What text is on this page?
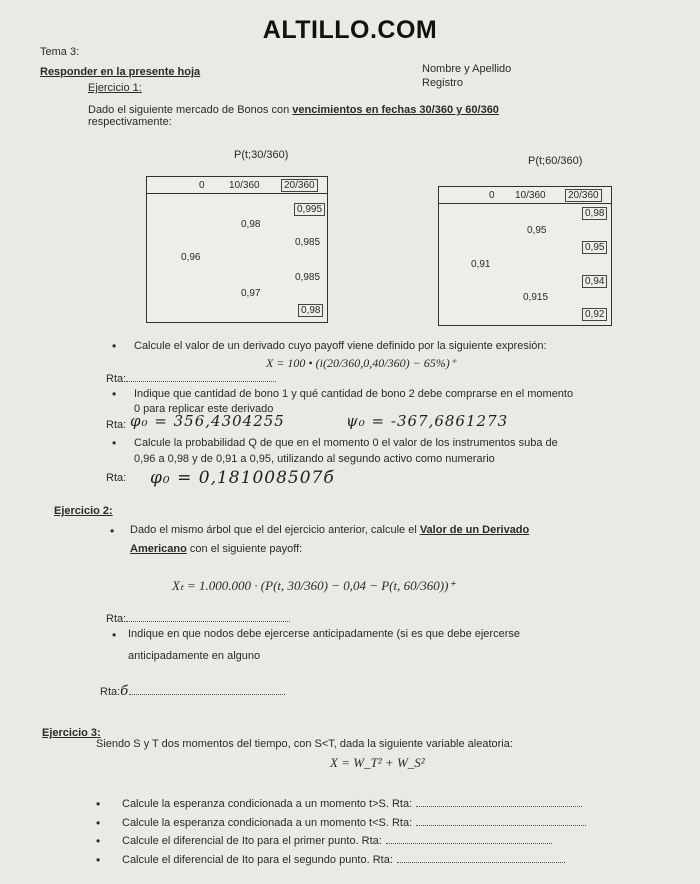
ALTILLO.COM
Tema 3:
Responder en la presente hoja	Nombre y Apellido
Registro
Ejercicio 1:
Dado el siguiente mercado de Bonos con vencimientos en fechas 30/360 y 60/360
respectivamente:
P(t;30/360)
0 10/360	20/360
0,995
0,98
0,985
0,96
0,985
0,97
0,98
P(t;60/360)
0 10/360	20/360
0,98
0,95
0,95
0,91
0,94
0,915
0,92
• Calcule el valor de un derivado cuyo payoff viene definido por la siguiente expresión:
X = 100 • (i(20/360,0,40/360) − 65%)⁺
Rta:
• Indique que cantidad de bono 1 y qué cantidad de bono 2 debe comprarse en el momento
0 para replicar este derivado
Rta: φ₀ = 356,4304255	ψ₀ = -367,6861273
• Calcule la probabilidad Q de que en el momento 0 el valor de los instrumentos suba de
0,96 a 0,98 y de 0,91 a 0,95, utilizando al segundo activo como numerario
Rta: φ₀ = 0,181008507б
Ejercicio 2:
• Dado el mismo árbol que el del ejercicio anterior, calcule el Valor de un Derivado
Americano con el siguiente payoff:
Xₜ = 1.000.000 · (P(t, 30/360) − 0,04 − P(t, 60/360))⁺
Rta:
• Indique en que nodos debe ejercerse anticipadamente (si es que debe ejercerse
anticipadamente en alguno
Rta:б
Ejercicio 3:
Siendo S y T dos momentos del tiempo, con S<T, dada la siguiente variable aleatoria:
X = W_T² + W_S²
• Calcule la esperanza condicionada a un momento t>S. Rta:
• Calcule la esperanza condicionada a un momento t<S. Rta:
• Calcule el diferencial de Ito para el primer punto. Rta:
• Calcule el diferencial de Ito para el segundo punto. Rta:
